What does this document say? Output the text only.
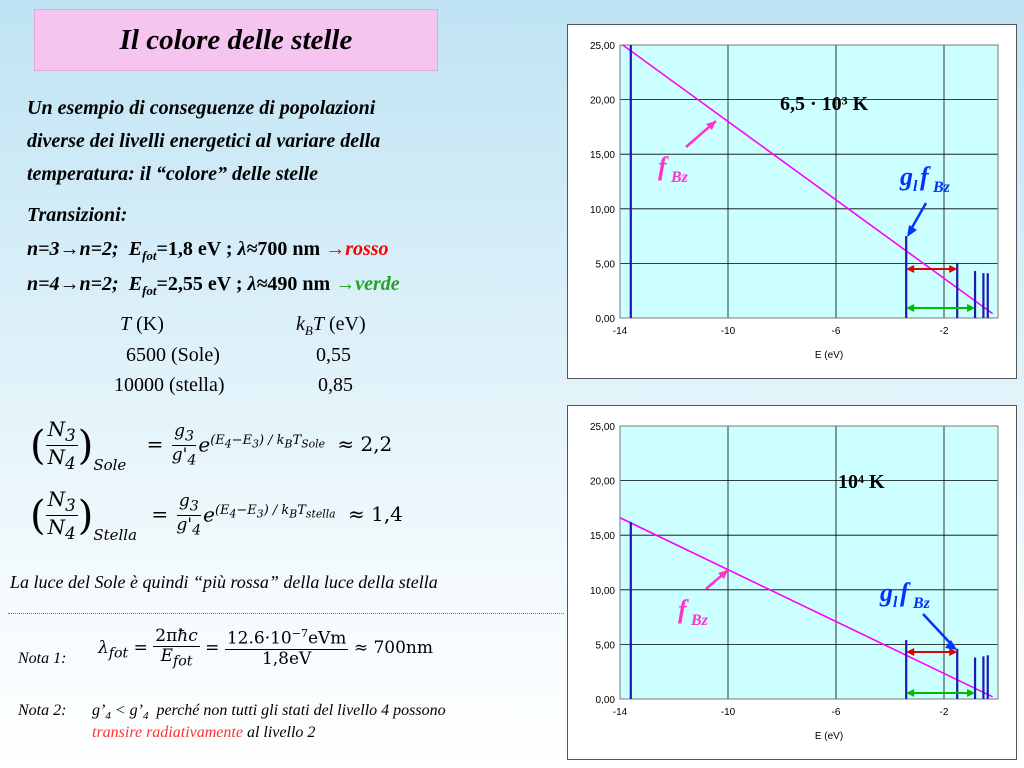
Il colore delle stelle
Un esempio di conseguenze di popolazioni
diverse dei livelli energetici al variare della
temperatura: il “colore” delle stelle
Transizioni:
n=3→n=2; $E_{fot}=1,8$ eV ; λ≈700 nm →rosso
n=4→n=2; $E_{fot}=2,55$ eV ; λ≈490 nm →verde
T (K)	$k_BT$ (eV)
6500 (Sole)	0,55
10000 (stella)	0,85
( $\frac{N_3}{N_4} )_{Sole} = \frac{g_3}{g'_4} e^{(E_4-E_3) / k_BT_{Sole}} \approx 2,2$
( $\frac{N_3}{N_4} )_{Stella} = \frac{g_3}{g'_4} e^{(E_4-E_3) / k_BT_{stella}} \approx 1,4$
La luce del Sole è quindi “più rossa” della luce della stella
Nota 1:
$\lambda_{fot} = \frac{\text{2πħc}}{E_{fot}} = \frac{12.6\cdot 10^{-7}eVm}{1,8eV} \approx 700nm$
Nota 2: $g’_4$ < $g’_4$ perché non tutti gli stati del livello 4 possono
transire radiativamente al livello 2
0,00
5,00
10,00
15,00
20,00
25,00
-14	-10	-6	-2
E (eV)
6,5 · 10³ K
f Bz	g l f Bz
0,00
5,00
10,00
15,00
20,00
25,00
-14	-10	-6	-2
E (eV)
10⁴ K
f Bz
g l f Bz
